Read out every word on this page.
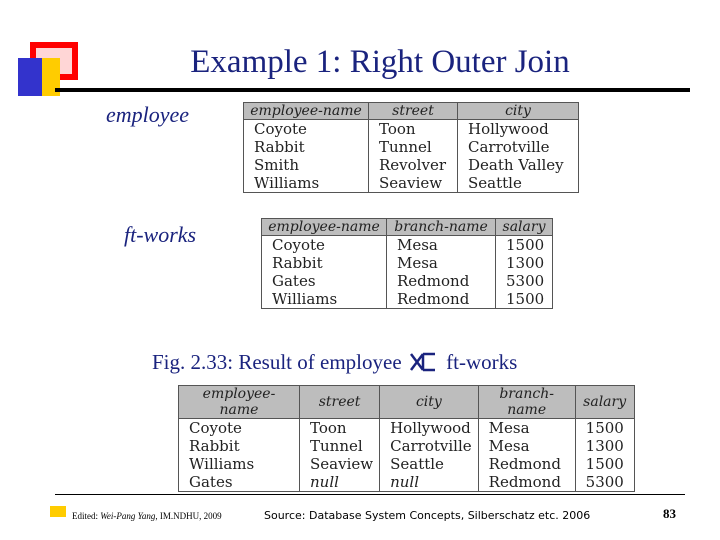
Example 1: Right Outer Join
employee	employee-name	street	city
Coyote	Toon	Hollywood
Rabbit	Tunnel	Carrotville
Smith	Revolver	Death Valley
Williams	Seaview	Seattle
ft-works	employee-name	branch-name	salary
Coyote	Mesa	1500
Rabbit	Mesa	1300
Gates	Redmond	5300
Williams	Redmond	1500
Fig. 2.33: Result of employee ft-works
employee-name	street	city	branch-name	salary
Coyote	Toon	Hollywood	Mesa	1500
Rabbit	Tunnel	Carrotville	Mesa	1300
Williams	Seaview	Seattle	Redmond	1500
Gates	null	null	Redmond	5300
Edited: Wei-Pang Yang, IM.NDHU, 2009	Source: Database System Concepts, Silberschatz etc. 2006	83
